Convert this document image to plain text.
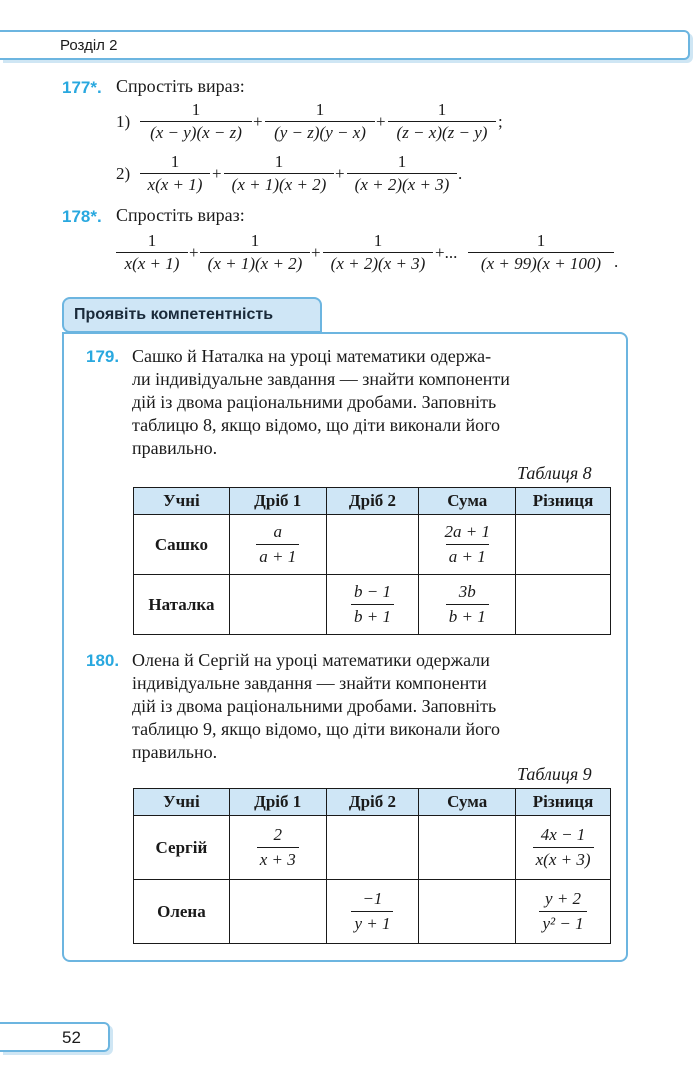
Розділ 2
177*. Спростіть вираз:
$1) \frac{1}{(x - y)(x - z)} + \frac{1}{(y - z)(y - x)} + \frac{1}{(z - x)(z - y)}$ ;
$2) \frac{1}{x(x + 1)} + \frac{1}{(x + 1)(x + 2)} + \frac{1}{(x + 2)(x + 3)}$ .
178*. Спростіть вираз:
$\frac{1}{x(x + 1)} + \frac{1}{(x + 1)(x + 2)} + \frac{1}{(x + 2)(x + 3)}$ +... $\frac{1}{(x + 99)(x + 100)}$ .
Проявіть компетентність
179. Сашко й Наталка на уроці математики одержа-
ли індивідуальне завдання — знайти компоненти
дій із двома раціональними дробами. Заповніть
таблицю 8, якщо відомо, що діти виконали його
правильно.
Таблиця 8
Учні	Дріб 1	Дріб 2	Сума	Різниця
Сашко	$\frac{a}{a + 1}$		$\frac{2a + 1}{a + 1}$

Наталка		$\frac{b - 1}{b + 1}$	$\frac{3b}{b + 1}$

180. Олена й Сергій на уроці математики одержали
індивідуальне завдання — знайти компоненти
дій із двома раціональними дробами. Заповніть
таблицю 9, якщо відомо, що діти виконали його
правильно.
Таблиця 9
Учні	Дріб 1	Дріб 2	Сума	Різниця
Сергій	$\frac{2}{x + 3}$			$\frac{4x - 1}{x(x + 3)}$

Олена		$\frac{-1}{y + 1}$		$\frac{y + 2}{\text{y² − 1}}$
52
